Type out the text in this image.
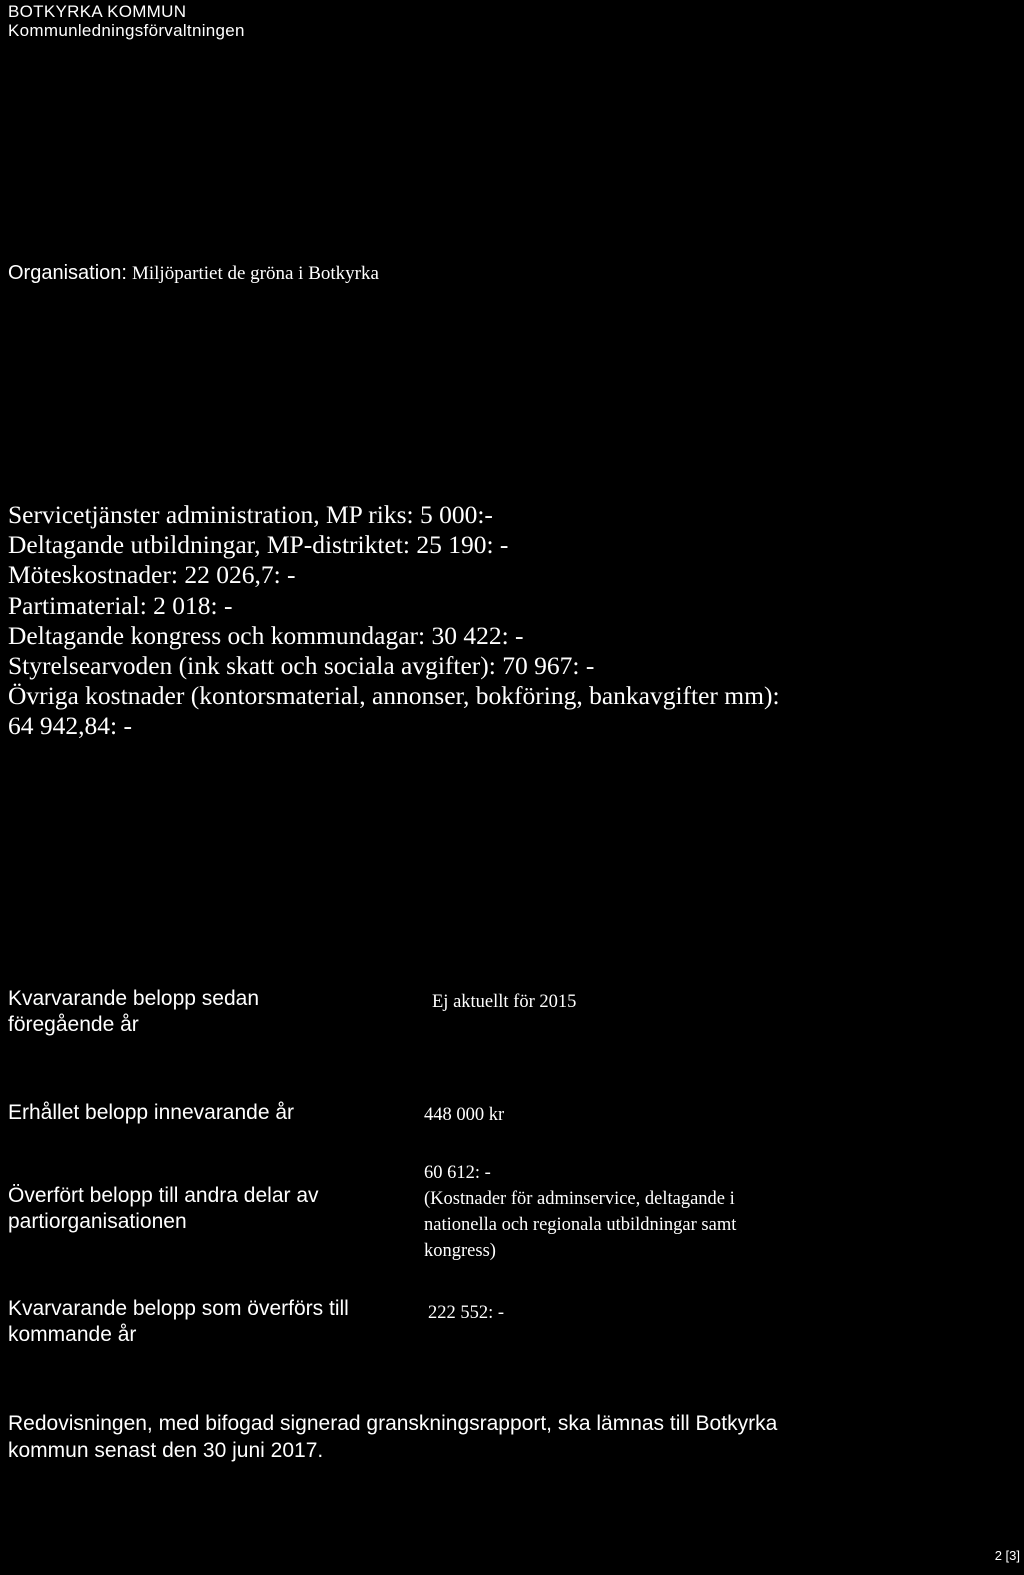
BOTKYRKA KOMMUN
Kommunledningsförvaltningen
Organisation: Miljöpartiet de gröna i Botkyrka
Servicetjänster administration, MP riks: 5 000:-
Deltagande utbildningar, MP-distriktet: 25 190: -
Möteskostnader: 22 026,7: -
Partimaterial: 2 018: -
Deltagande kongress och kommundagar: 30 422: -
Styrelsearvoden (ink skatt och sociala avgifter): 70 967: -
Övriga kostnader (kontorsmaterial, annonser, bokföring, bankavgifter mm):
64 942,84: -
Kvarvarande belopp sedan
föregående år
Ej aktuellt för 2015
Erhållet belopp innevarande år	448 000 kr
Överfört belopp till andra delar av
partiorganisationen
60 612: -
(Kostnader för adminservice, deltagande i
nationella och regionala utbildningar samt
kongress)
Kvarvarande belopp som överförs till
kommande år
222 552: -
Redovisningen, med bifogad signerad granskningsrapport, ska lämnas till Botkyrka
kommun senast den 30 juni 2017.
2 [3]
